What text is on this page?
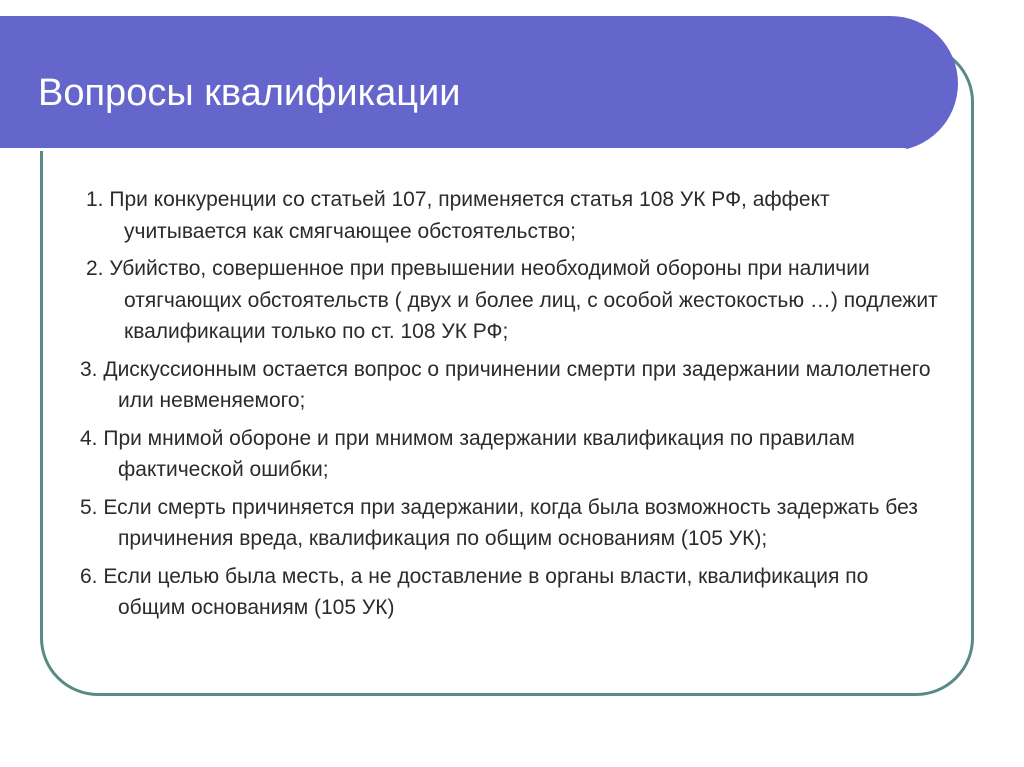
Вопросы квалификации

1. При конкуренции со статьей 107, применяется статья 108 УК РФ, аффект учитывается как смягчающее обстоятельство;

2. Убийство, совершенное при превышении необходимой обороны при наличии отягчающих обстоятельств ( двух и более лиц, с особой жестокостью …) подлежит квалификации только по ст. 108 УК РФ;

3. Дискуссионным остается вопрос о причинении смерти при задержании малолетнего или невменяемого;

4. При мнимой обороне и при мнимом задержании квалификация по правилам фактической ошибки;

5. Если смерть причиняется при задержании, когда была возможность задержать без причинения вреда, квалификация по общим основаниям (105 УК);

6. Если целью была месть, а не доставление в органы власти, квалификация по общим основаниям (105 УК)
